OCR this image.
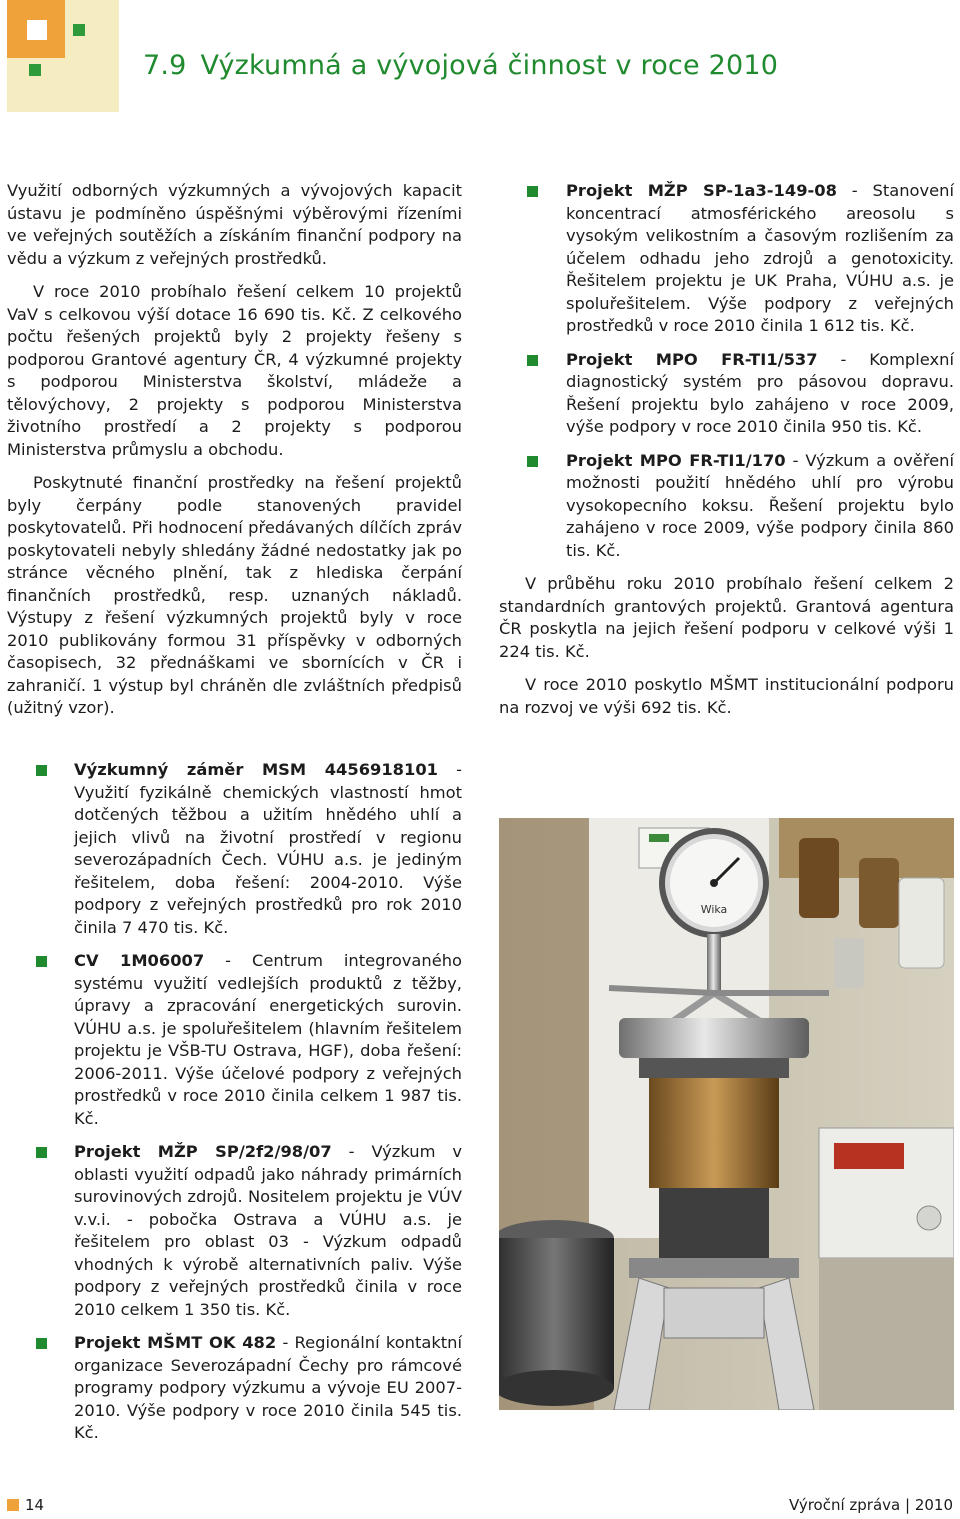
7.9 Výzkumná a vývojová činnost v roce 2010

Využití odborných výzkumných a vývojových kapacit ústavu je podmíněno úspěšnými výběrovými řízeními ve veřejných soutěžích a získáním finanční podpory na vědu a výzkum z veřejných prostředků.

V roce 2010 probíhalo řešení celkem 10 projektů VaV s celkovou výší dotace 16 690 tis. Kč. Z celkového počtu řešených projektů byly 2 projekty řešeny s podporou Grantové agentury ČR, 4 výzkumné projekty s podporou Ministerstva školství, mládeže a tělovýchovy, 2 projekty s podporou Ministerstva životního prostředí a 2 projekty s podporou Ministerstva průmyslu a obchodu.

Poskytnuté finanční prostředky na řešení projektů byly čerpány podle stanovených pravidel poskytovatelů. Při hodnocení předávaných dílčích zpráv poskytovateli nebyly shledány žádné nedostatky jak po stránce věcného plnění, tak z hlediska čerpání finančních prostředků, resp. uznaných nákladů. Výstupy z řešení výzkumných projektů byly v roce 2010 publikovány formou 31 příspěvky v odborných časopisech, 32 přednáškami ve sbornících v ČR i zahraničí. 1 výstup byl chráněn dle zvláštních předpisů (užitný vzor).

Výzkumný záměr MSM 4456918101 - Využití fyzikálně chemických vlastností hmot dotčených těžbou a užitím hnědého uhlí a jejich vlivů na životní prostředí v regionu severozápadních Čech. VÚHU a.s. je jediným řešitelem, doba řešení: 2004-2010. Výše podpory z veřejných prostředků pro rok 2010 činila 7 470 tis. Kč.
CV 1M06007 - Centrum integrovaného systému využití vedlejších produktů z těžby, úpravy a zpracování energetických surovin. VÚHU a.s. je spoluřešitelem (hlavním řešitelem projektu je VŠB-TU Ostrava, HGF), doba řešení: 2006-2011. Výše účelové podpory z veřejných prostředků v roce 2010 činila celkem 1 987 tis. Kč.
Projekt MŽP SP/2f2/98/07 - Výzkum v oblasti využití odpadů jako náhrady primárních surovinových zdrojů. Nositelem projektu je VÚV v.v.i. - pobočka Ostrava a VÚHU a.s. je řešitelem pro oblast 03 - Výzkum odpadů vhodných k výrobě alternativních paliv. Výše podpory z veřejných prostředků činila v roce 2010 celkem 1 350 tis. Kč.
Projekt MŠMT OK 482 - Regionální kontaktní organizace Severozápadní Čechy pro rámcové programy podpory výzkumu a vývoje EU 2007-2010. Výše podpory v roce 2010 činila 545 tis. Kč.
Projekt MŽP SP-1a3-149-08 - Stanovení koncentrací atmosférického areosolu s vysokým velikostním a časovým rozlišením za účelem odhadu jeho zdrojů a genotoxicity. Řešitelem projektu je UK Praha, VÚHU a.s. je spoluřešitelem. Výše podpory z veřejných prostředků v roce 2010 činila 1 612 tis. Kč.
Projekt MPO FR-TI1/537 - Komplexní diagnostický systém pro pásovou dopravu. Řešení projektu bylo zahájeno v roce 2009, výše podpory v roce 2010 činila 950 tis. Kč.
Projekt MPO FR-TI1/170 - Výzkum a ověření možnosti použití hnědého uhlí pro výrobu vysokopecního koksu. Řešení projektu bylo zahájeno v roce 2009, výše podpory činila 860 tis. Kč.

V průběhu roku 2010 probíhalo řešení celkem 2 standardních grantových projektů. Grantová agentura ČR poskytla na jejich řešení podporu v celkové výši 1 224 tis. Kč.

V roce 2010 poskytlo MŠMT institucionální podporu na rozvoj ve výši 692 tis. Kč.

Wika
14	Výroční zpráva | 2010
